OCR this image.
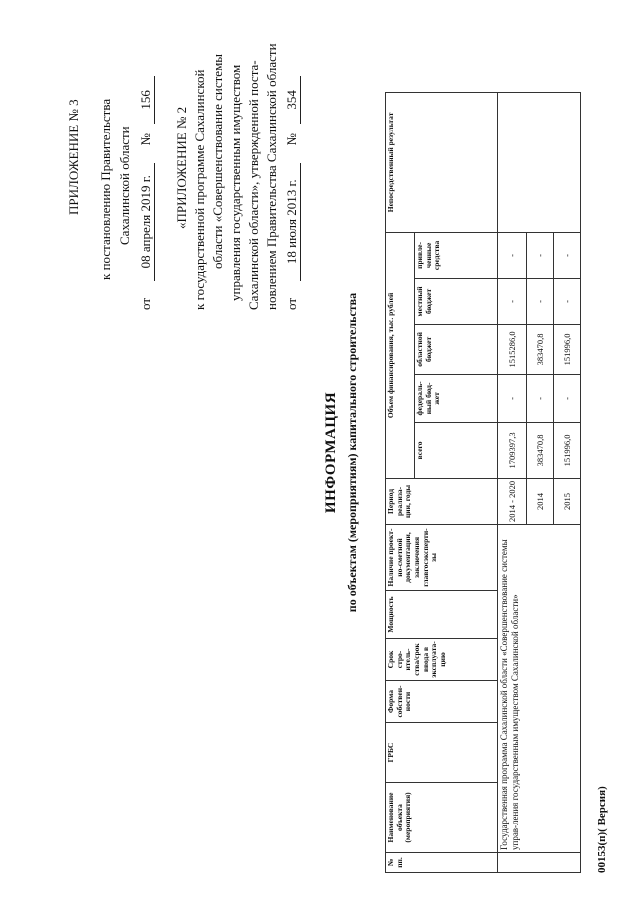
ПРИЛОЖЕНИЕ № 3 к постановлению Правительства Сахалинской области
от 08 апреля 2019 г. № 156
«ПРИЛОЖЕНИЕ № 2 к государственной программе Сахалинской области «Совершенствование системы управления государственным имуществом Сахалинской области», утвержденной поста- новлением Правительства Сахалинской области от 18 июля 2013 г. № 354
ИНФОРМАЦИЯ по объектам (мероприятиям) капитального строительства
№ пп.	Наименование объекта (мероприятия)	ГРБС	Форма собствен-ности	Срок стро-итель-ства/срок ввода в эксплуата-цию	Мощность	Наличие проект-но-сметной документации, заключения главгосэксперти-зы	Период реализа-ции, годы	Объем финансирования, тыс. рублей					Непосредственный результат
								всего	федераль-ный бюд-жет	областной бюджет	местный бюджет	привле-ченные средства	
	Государственная программа Сахалинской области «Совершенствование системы управ-ления государственным имуществом Сахалинской области»						2014 - 2020	1709397,3	-	1515286,0	-	-	
							2014	383470,8	-	383470,8	-	-	
							2015	151996,0	-	151996,0	-	-	
00153(п)( Версия)
